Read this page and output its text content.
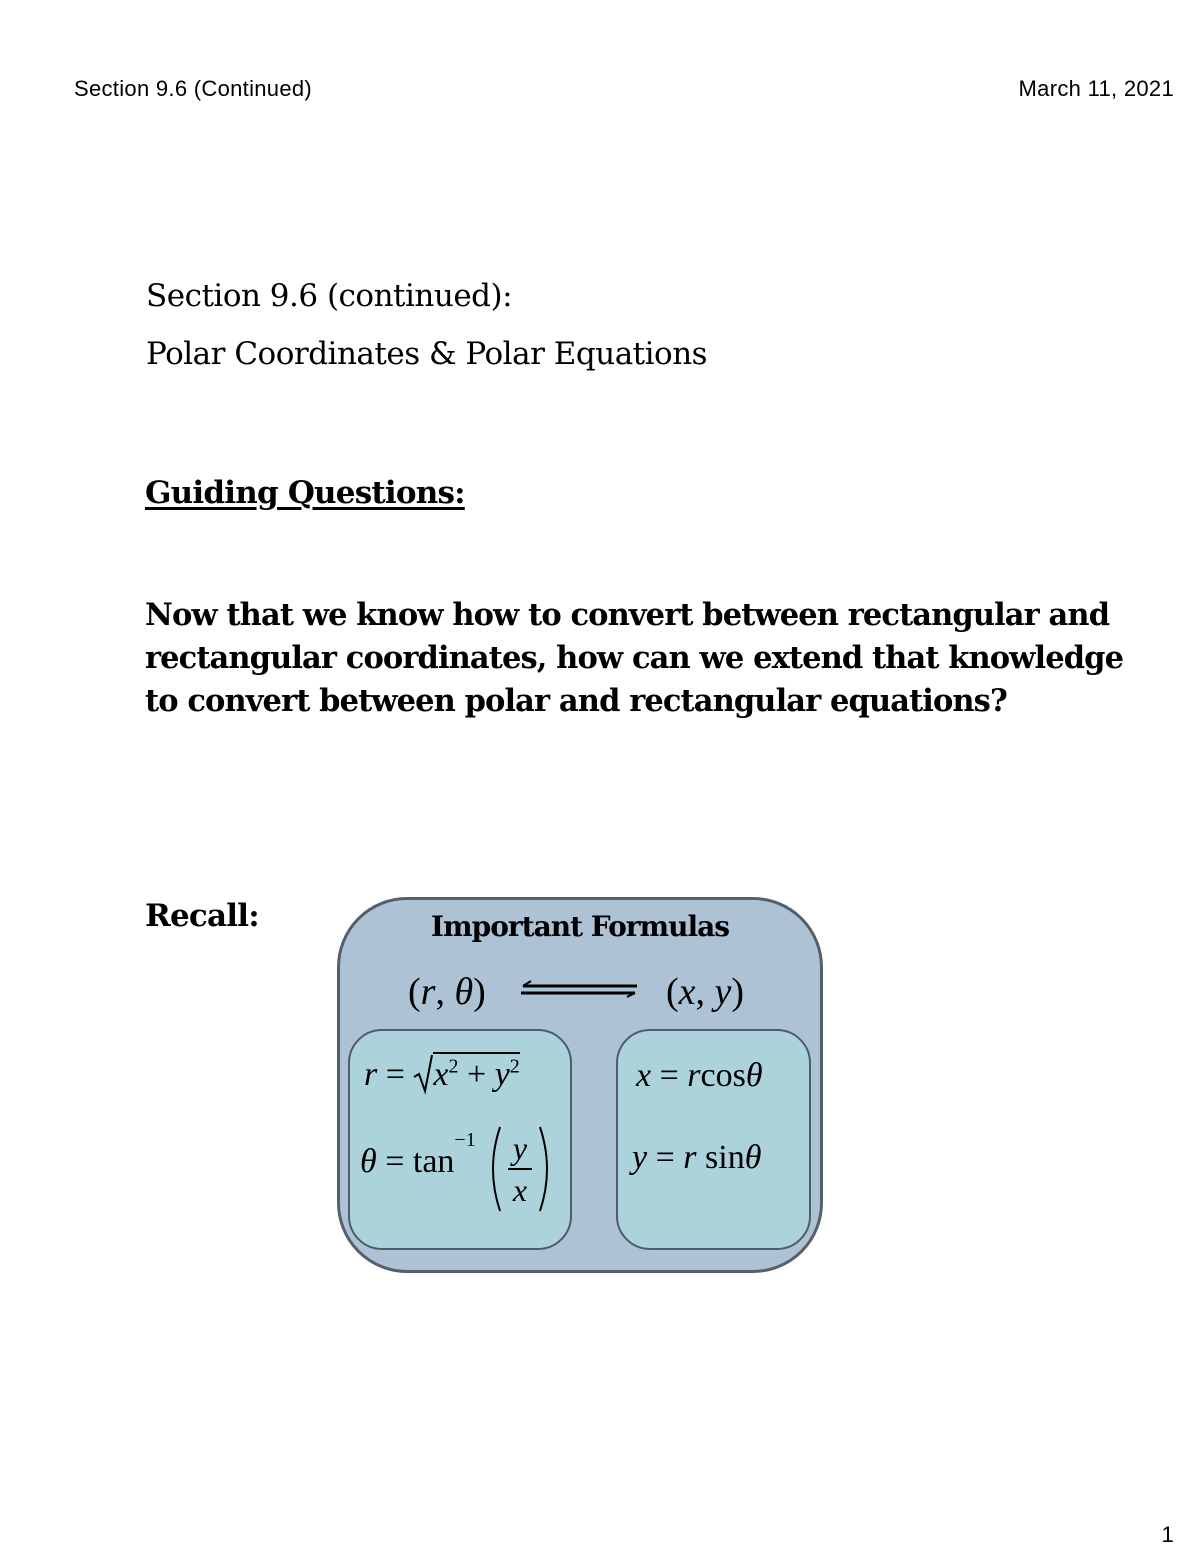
Section 9.6 (Continued)	March 11, 2021
Section 9.6 (continued):
Polar Coordinates & Polar Equations
Guiding Questions:
Now that we know how to convert between rectangular and rectangular coordinates, how can we extend that knowledge to convert between polar and rectangular equations?
Recall:	Important Formulas
(r, θ)	(x, y)
$r = x^2 + y^2$
$\theta = \tan^{-1} y$
x
x = rcosθ
y = r sinθ
1
